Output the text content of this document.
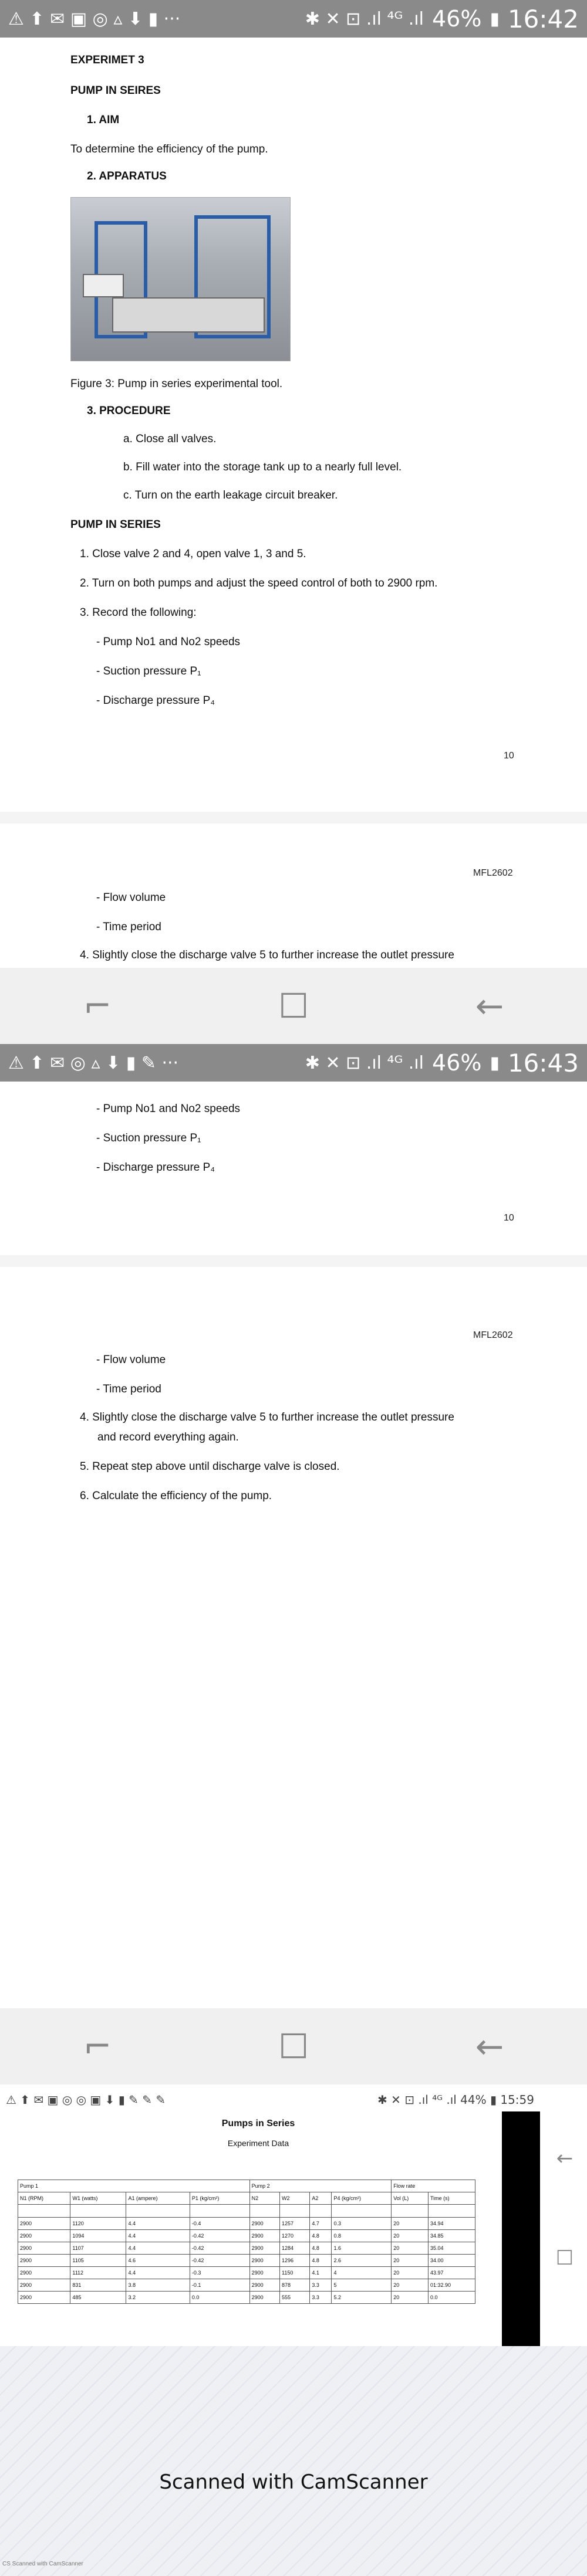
⚠ ⬆ ✉ ▣ ◎ ▵ ⬇ ▮ ···	✱ ✕ ⊡ .ıl ⁴ᴳ .ıl 46% ▮ 16:42

EXPERIMET 3

PUMP IN SEIRES

1. AIM

To determine the efficiency of the pump.

2. APPARATUS

Figure 3: Pump in series experimental tool.

3. PROCEDURE

a. Close all valves.

b. Fill water into the storage tank up to a nearly full level.

c. Turn on the earth leakage circuit breaker.

PUMP IN SERIES

1. Close valve 2 and 4, open valve 1, 3 and 5.

2. Turn on both pumps and adjust the speed control of both to 2900 rpm.

3. Record the following:

- Pump No1 and No2 speeds

- Suction pressure P₁

- Discharge pressure P₄

10

MFL2602

- Flow volume

- Time period

4. Slightly close the discharge valve 5 to further increase the outlet pressure

⌐	☐	←
⚠ ⬆ ✉ ◎ ▵ ⬇ ▮ ✎ ···	✱ ✕ ⊡ .ıl ⁴ᴳ .ıl 46% ▮ 16:43

- Pump No1 and No2 speeds

- Suction pressure P₁

- Discharge pressure P₄

10

MFL2602

- Flow volume

- Time period

4. Slightly close the discharge valve 5 to further increase the outlet pressure

and record everything again.

5. Repeat step above until discharge valve is closed.

6. Calculate the efficiency of the pump.

⌐	☐	←
⚠ ⬆ ✉ ▣ ◎ ◎ ▣ ⬇ ▮ ✎ ✎ ✎	✱ ✕ ⊡ .ıl ⁴ᴳ .ıl 44% ▮ 15:59

Pumps in Series

Experiment Data

Pump 1				Pump 2				Flow rate	
N1 (RPM)	W1 (watts)	A1 (ampere)	P1 (kg/cm²)	N2	W2	A2	P4 (kg/cm²)	Vol (L)	Time (s)

2900	1120	4.4	-0.4	2900	1257	4.7	0.3	20	34.94
2900	1094	4.4	-0.42	2900	1270	4.8	0.8	20	34.85
2900	1107	4.4	-0.42	2900	1284	4.8	1.6	20	35.04
2900	1105	4.6	-0.42	2900	1296	4.8	2.6	20	34.00
2900	1112	4.4	-0.3	2900	1150	4.1	4	20	43.97
2900	831	3.8	-0.1	2900	878	3.3	5	20	01:32.90
2900	485	3.2	0.0	2900	555	3.3	5.2	20	0.0
←
☐

Scanned with CamScanner

CS Scanned with CamScanner
